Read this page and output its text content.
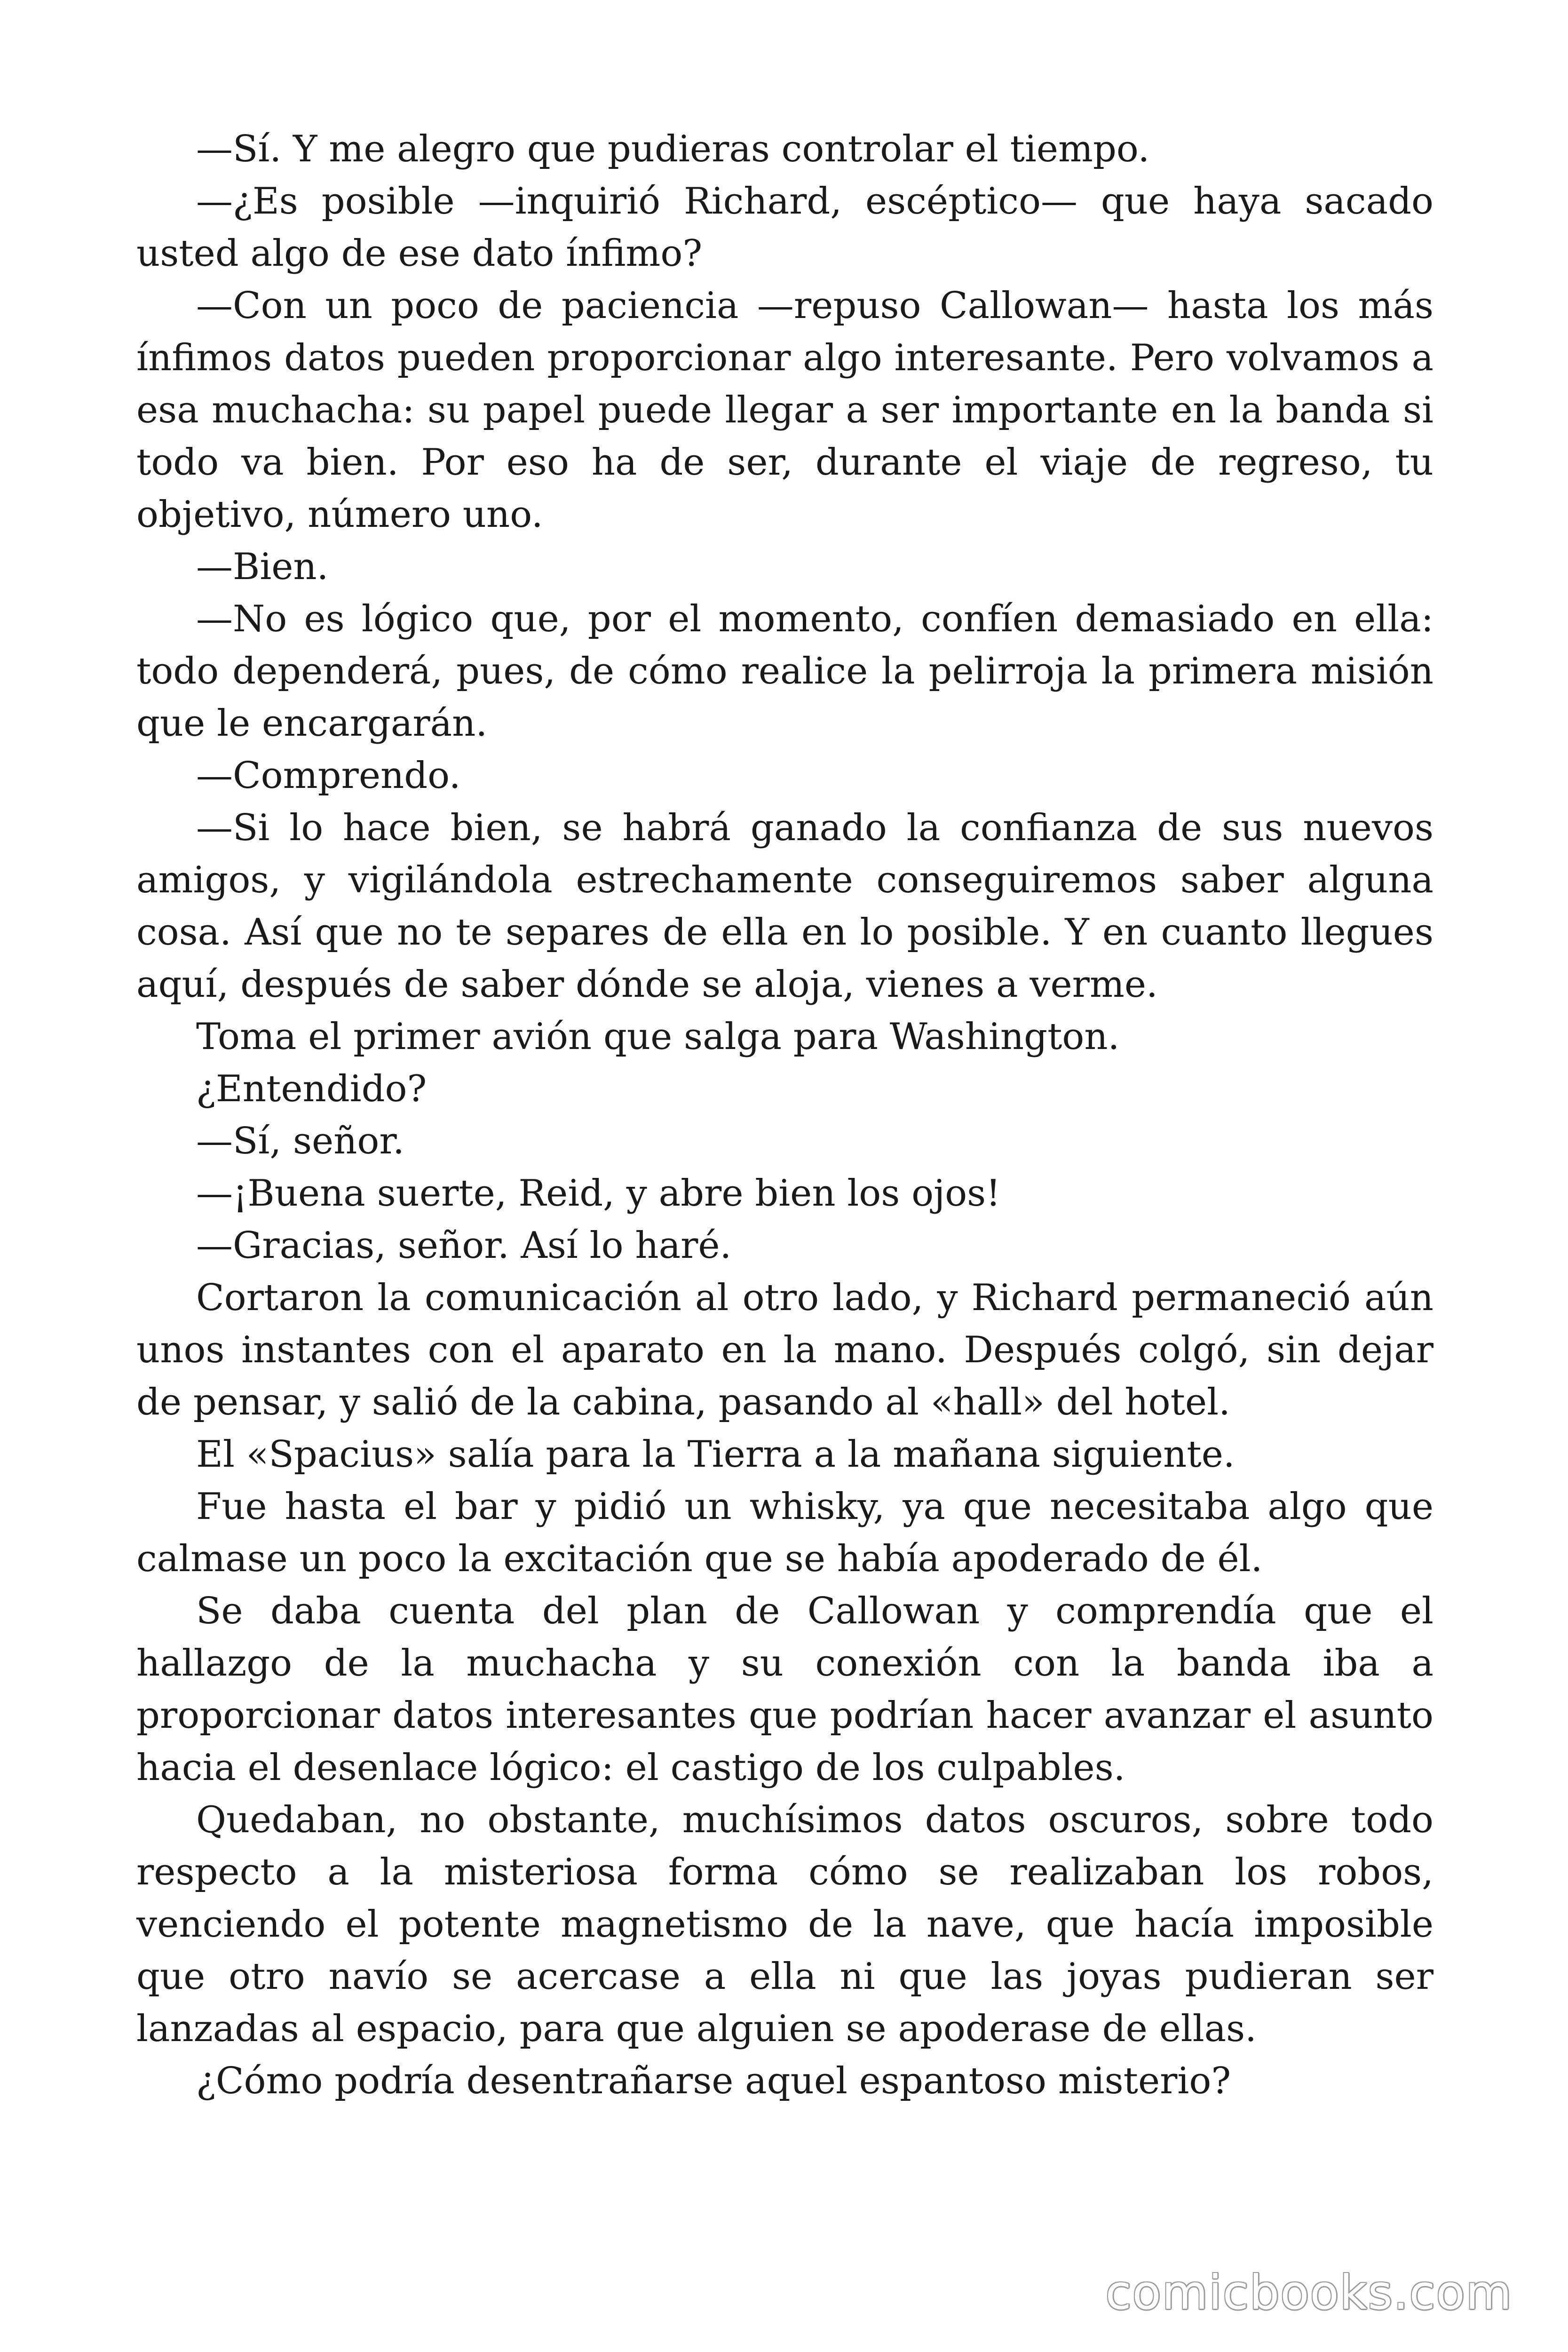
—Sí. Y me alegro que pudieras controlar el tiempo.

—¿Es posible —inquirió Richard, escéptico— que haya sacado usted algo de ese dato ínfimo?

—Con un poco de paciencia —repuso Callowan— hasta los más ínfimos datos pueden proporcionar algo interesante. Pero volvamos a esa muchacha: su papel puede llegar a ser importante en la banda si todo va bien. Por eso ha de ser, durante el viaje de regreso, tu objetivo, número uno.

—Bien.

—No es lógico que, por el momento, confíen demasiado en ella: todo dependerá, pues, de cómo realice la pelirroja la primera misión que le encargarán.

—Comprendo.

—Si lo hace bien, se habrá ganado la confianza de sus nuevos amigos, y vigilándola estrechamente conseguiremos saber alguna cosa. Así que no te separes de ella en lo posible. Y en cuanto llegues aquí, después de saber dónde se aloja, vienes a verme.

Toma el primer avión que salga para Washington.

¿Entendido?

—Sí, señor.

—¡Buena suerte, Reid, y abre bien los ojos!

—Gracias, señor. Así lo haré.

Cortaron la comunicación al otro lado, y Richard permaneció aún unos instantes con el aparato en la mano. Después colgó, sin dejar de pensar, y salió de la cabina, pasando al «hall» del hotel.

El «Spacius» salía para la Tierra a la mañana siguiente.

Fue hasta el bar y pidió un whisky, ya que necesitaba algo que calmase un poco la excitación que se había apoderado de él.

Se daba cuenta del plan de Callowan y comprendía que el hallazgo de la muchacha y su conexión con la banda iba a proporcionar datos interesantes que podrían hacer avanzar el asunto hacia el desenlace lógico: el castigo de los culpables.

Quedaban, no obstante, muchísimos datos oscuros, sobre todo respecto a la misteriosa forma cómo se realizaban los robos, venciendo el potente magnetismo de la nave, que hacía imposible que otro navío se acercase a ella ni que las joyas pudieran ser lanzadas al espacio, para que alguien se apoderase de ellas.

¿Cómo podría desentrañarse aquel espantoso misterio?

comicbooks.com
